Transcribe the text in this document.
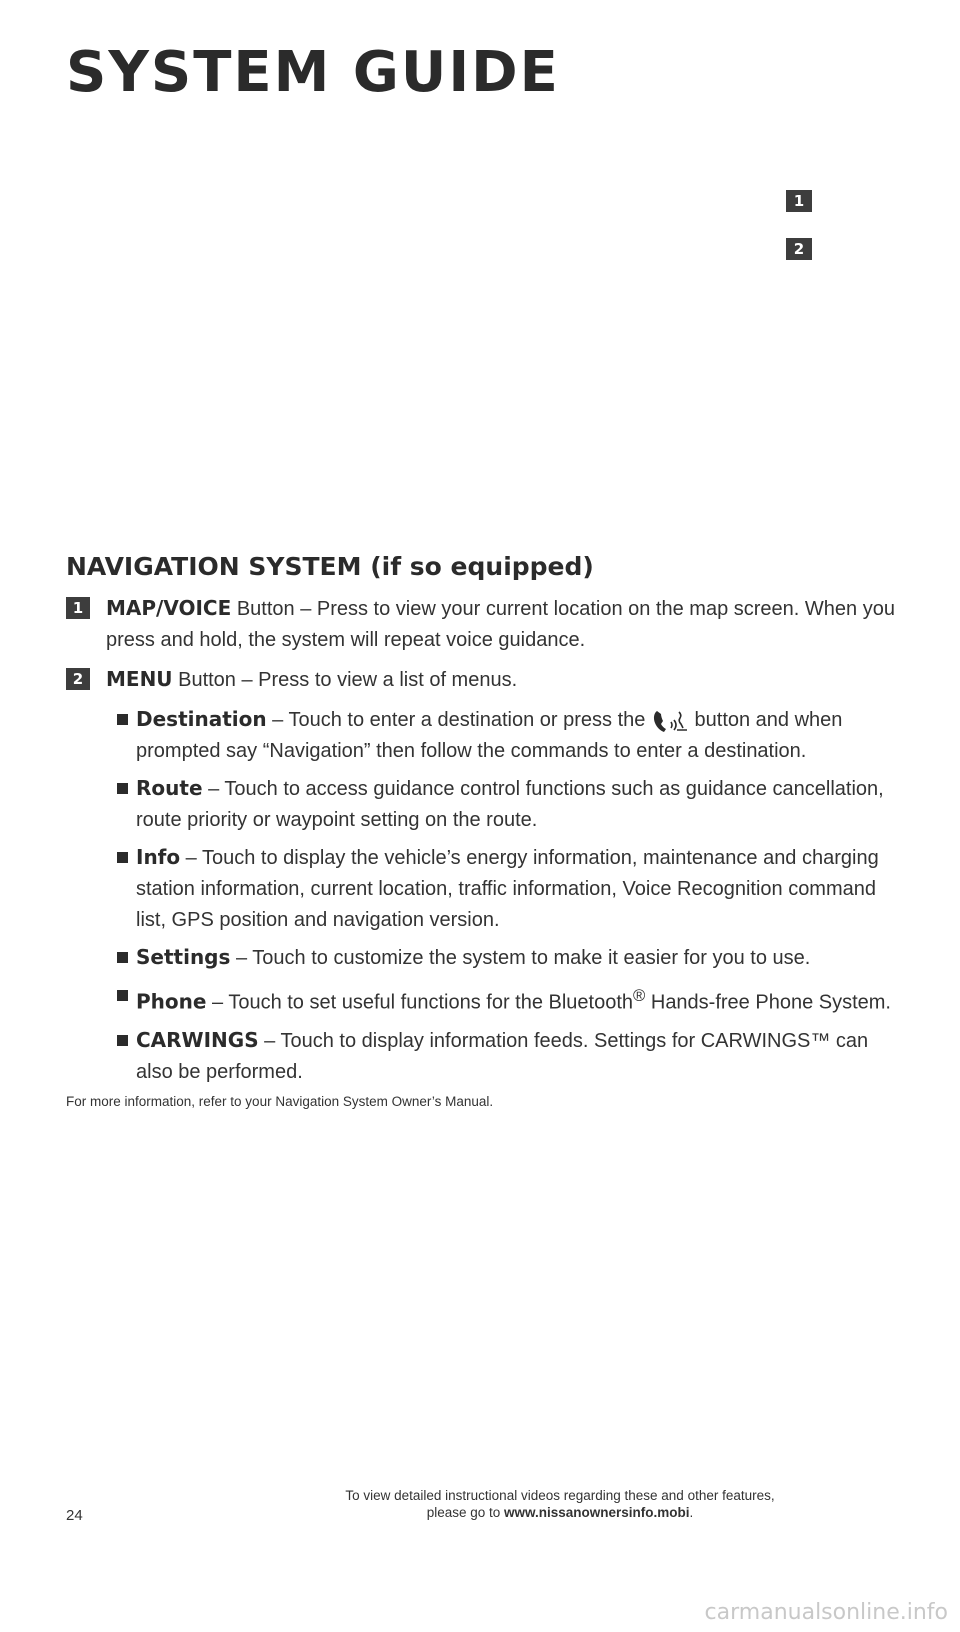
SYSTEM GUIDE
1
2
NAVIGATION SYSTEM (if so equipped)
1	MAP/VOICE Button – Press to view your current location on the map screen. When you press and hold, the system will repeat voice guidance.
2	MENU Button – Press to view a list of menus.
Destination – Touch to enter a destination or press the  button and when prompted say “Navigation” then follow the commands to enter a destination.
Route – Touch to access guidance control functions such as guidance cancellation, route priority or waypoint setting on the route.
Info – Touch to display the vehicle’s energy information, maintenance and charging station information, current location, traffic information, Voice Recognition command list, GPS position and navigation version.
Settings – Touch to customize the system to make it easier for you to use.
Phone – Touch to set useful functions for the Bluetooth® Hands-free Phone System.
CARWINGS – Touch to display information feeds. Settings for CARWINGS™ can also be performed.
For more information, refer to your Navigation System Owner’s Manual.
24
To view detailed instructional videos regarding these and other features,
please go to www.nissanownersinfo.mobi.
carmanualsonline.info
